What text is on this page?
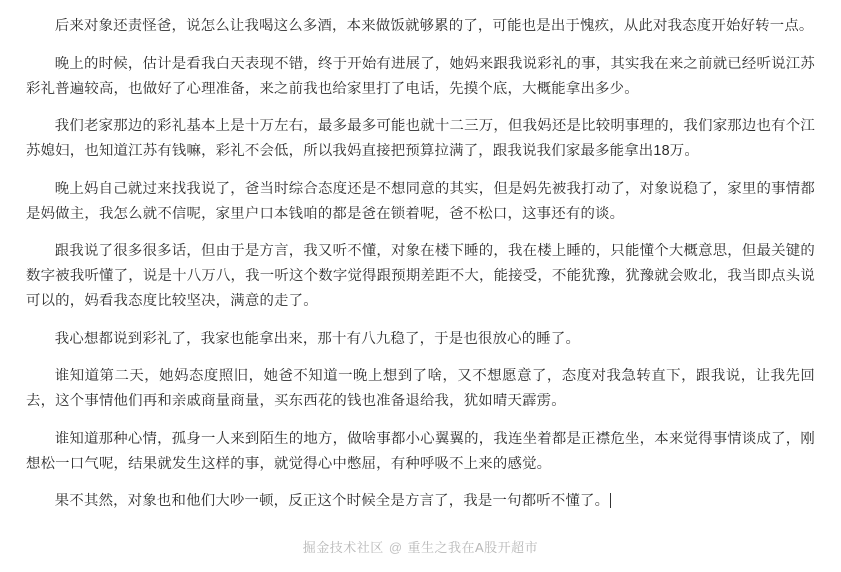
后来对象还责怪爸，说怎么让我喝这么多酒，本来做饭就够累的了，可能也是出于愧疚，从此对我态度开始好转一点。

晚上的时候，估计是看我白天表现不错，终于开始有进展了，她妈来跟我说彩礼的事，其实我在来之前就已经听说江苏彩礼普遍较高，也做好了心理准备，来之前我也给家里打了电话，先摸个底，大概能拿出多少。

我们老家那边的彩礼基本上是十万左右，最多最多可能也就十二三万，但我妈还是比较明事理的，我们家那边也有个江苏媳妇，也知道江苏有钱嘛，彩礼不会低，所以我妈直接把预算拉满了，跟我说我们家最多能拿出18万。

晚上妈自己就过来找我说了，爸当时综合态度还是不想同意的其实，但是妈先被我打动了，对象说稳了，家里的事情都是妈做主，我怎么就不信呢，家里户口本钱咱的都是爸在锁着呢，爸不松口，这事还有的谈。

跟我说了很多很多话，但由于是方言，我又听不懂，对象在楼下睡的，我在楼上睡的，只能懂个大概意思，但最关键的数字被我听懂了，说是十八万八，我一听这个数字觉得跟预期差距不大，能接受，不能犹豫，犹豫就会败北，我当即点头说可以的，妈看我态度比较坚决，满意的走了。

我心想都说到彩礼了，我家也能拿出来，那十有八九稳了，于是也很放心的睡了。

谁知道第二天，她妈态度照旧，她爸不知道一晚上想到了啥，又不想愿意了，态度对我急转直下，跟我说，让我先回去，这个事情他们再和亲戚商量商量，买东西花的钱也准备退给我，犹如晴天霹雳。

谁知道那种心情，孤身一人来到陌生的地方，做啥事都小心翼翼的，我连坐着都是正襟危坐，本来觉得事情谈成了，刚想松一口气呢，结果就发生这样的事，就觉得心中憋屈，有种呼吸不上来的感觉。

果不其然，对象也和他们大吵一顿，反正这个时候全是方言了，我是一句都听不懂了。

掘金技术社区 @ 重生之我在A股开超市
